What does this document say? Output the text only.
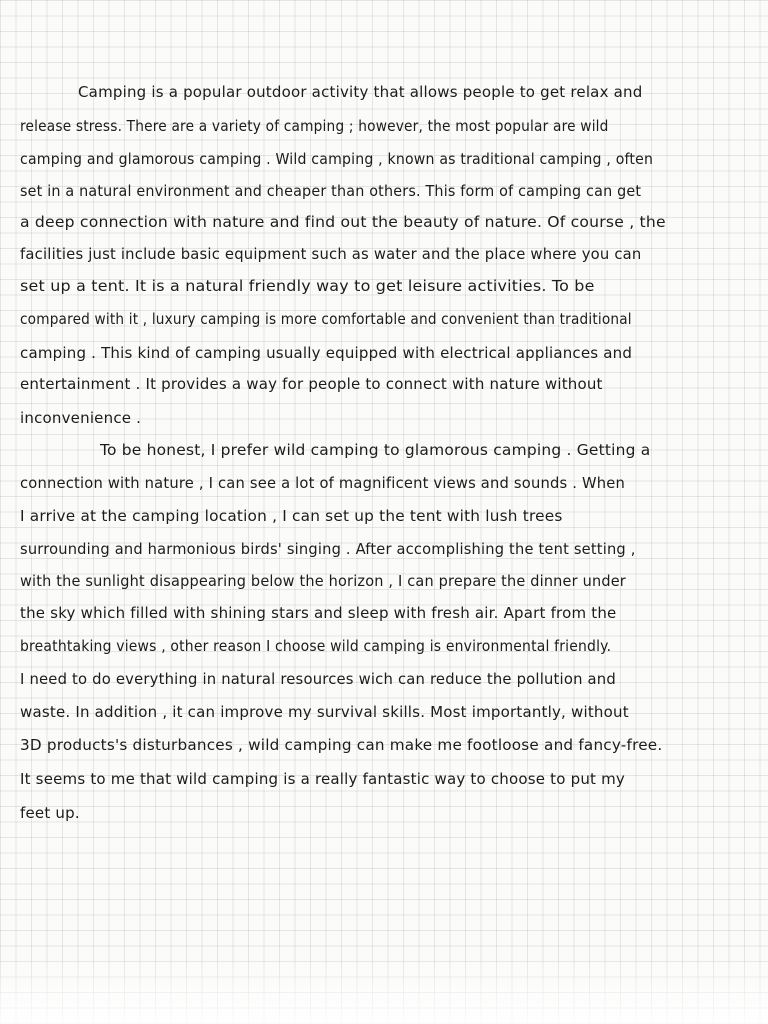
Camping is a popular outdoor activity that allows people to get relax and
release stress. There are a variety of camping ; however, the most popular are wild
camping and glamorous camping . Wild camping , known as traditional camping , often
set in a natural environment and cheaper than others. This form of camping can get
a deep connection with nature and find out the beauty of nature. Of course , the
facilities just include basic equipment such as water and the place where you can
set up a tent. It is a natural friendly way to get leisure activities. To be
compared with it , luxury camping is more comfortable and convenient than traditional
camping . This kind of camping usually equipped with electrical appliances and
entertainment . It provides a way for people to connect with nature without
inconvenience .
To be honest, I prefer wild camping to glamorous camping . Getting a
connection with nature , I can see a lot of magnificent views and sounds . When
I arrive at the camping location , I can set up the tent with lush trees
surrounding and harmonious birds' singing . After accomplishing the tent setting ,
with the sunlight disappearing below the horizon , I can prepare the dinner under
the sky which filled with shining stars and sleep with fresh air. Apart from the
breathtaking views , other reason I choose wild camping is environmental friendly.
I need to do everything in natural resources wich can reduce the pollution and
waste. In addition , it can improve my survival skills. Most importantly, without
3D products's disturbances , wild camping can make me footloose and fancy-free.
It seems to me that wild camping is a really fantastic way to choose to put my
feet up.
